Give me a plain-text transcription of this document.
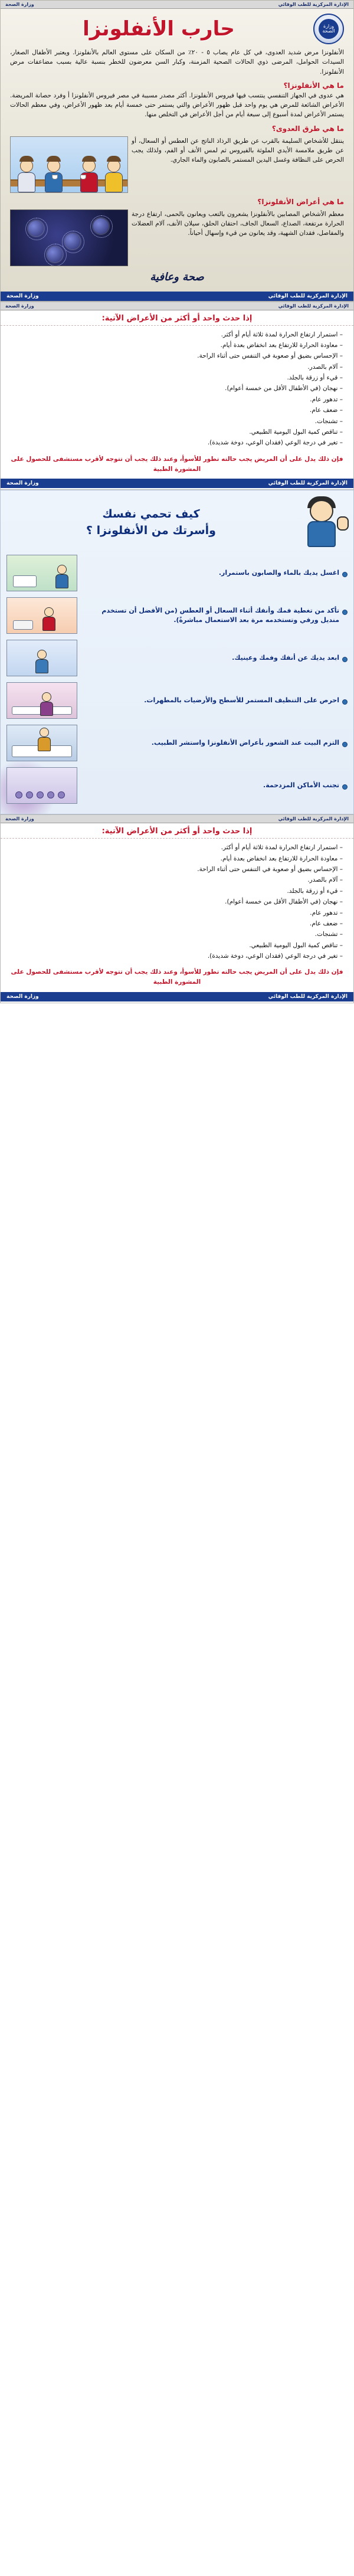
الإدارة المركزية للطب الوقائي
وزارة الصحة
وزارة الصحة
حارب الأنفلونزا
الأنفلونزا مرض شديد العدوى، في كل عام يصاب ٥ - ٢٠٪ من السكان على مستوى العالم بالأنفلونزا. ويعتبر الأطفال الصغار، السيدات الحوامل، المرضى ذوي الحالات الصحية المزمنة، وكبار السن معرضون للخطر بنسبة عالية بسبب مضاعفات مرض الأنفلونزا.
ما هي الأنفلونزا؟
هي عدوى في الجهاز التنفسي ينتسب فيها فيروس الأنفلونزا. أكثر مصدر مسببة في مصر فيروس الأنفلونزا أ وفرد حصانة المريضة. الأعراض الشائعة للمرض هي يوم واحد قبل ظهور الأعراض والتي يستمر حتى خمسة أيام بعد ظهور الأعراض، وفي معظم الحالات يستمر الأعراض لمدة أسبوع إلى سبعة أيام من أجل الأعراض في التخلص منها.
ما هي طرق العدوى؟
ينتقل للأشخاص السليمة بالقرب عن طريق الرذاذ الناتج عن العطس أو السعال، أو عن طريق ملامسة الأيدي الملوثة بالفيروس ثم لمس الأنف أو الفم، ولذلك يجب الحرص على النظافة وغسل اليدين المستمر بالصابون والماء الجاري.
ما هي أعراض الأنفلونزا؟
معظم الأشخاص المصابين بالأنفلونزا يشعرون بالتعب ويعانون بالحمى، ارتفاع درجة الحرارة مرتفعة، الصداع، السعال الجاف، احتقان الحلق، سيلان الأنف، آلام العضلات والمفاصل، فقدان الشهية، وقد يعانون من قيء وإسهال أحياناً.
صحة وعافية
الإدارة المركزية للطب الوقائي
وزارة الصحة
الإدارة المركزية للطب الوقائي
وزارة الصحة
إذا حدث واحد أو أكثر من الأعراض الآتية:
– استمرار ارتفاع الحرارة لمدة ثلاثة أيام أو أكثر.
– معاودة الحرارة للارتفاع بعد انخفاض بعدة أيام.
– الإحساس بضيق أو صعوبة في التنفس حتى أثناء الراحة.
– آلام بالصدر.
– قيء أو زرقة بالجلد.
– نهجان (في الأطفال الأقل من خمسة أعوام).
– تدهور عام.
– ضعف عام.
– تشنجات.
– تناقص كمية البول اليومية الطبيعي.
– تغير في درجة الوعي (فقدان الوعي، دوخة شديدة).
فإن ذلك يدل على أن المريض يجب حالته تطور للأسوأ، وعند ذلك يجب أن تتوجه لأقرب مستشفى للحصول على المشورة الطبية
الإدارة المركزية للطب الوقائي
وزارة الصحة
كيف تحمي نفسك
وأسرتك من الأنفلونزا ؟
اغسل يديك بالماء والصابون باستمرار.
تأكد من تغطية فمك وأنفك أثناء السعال أو العطس (من الأفضل أن تستخدم منديل ورقي وتستخدمه مرة بعد الاستعمال مباشرةً).
ابعد يديك عن أنفك وفمك وعينيك.
احرص على التنظيف المستمر للأسطح والأرضيات بالمطهرات.
التزم البيت عند الشعور بأعراض الأنفلونزا واستشر الطبيب.
تجنب الأماكن المزدحمة.
الإدارة المركزية للطب الوقائي
وزارة الصحة
إذا حدث واحد أو أكثر من الأعراض الآتية:
– استمرار ارتفاع الحرارة لمدة ثلاثة أيام أو أكثر.
– معاودة الحرارة للارتفاع بعد انخفاض بعدة أيام.
– الإحساس بضيق أو صعوبة في التنفس حتى أثناء الراحة.
– آلام بالصدر.
– قيء أو زرقة بالجلد.
– نهجان (في الأطفال الأقل من خمسة أعوام).
– تدهور عام.
– ضعف عام.
– تشنجات.
– تناقص كمية البول اليومية الطبيعي.
– تغير في درجة الوعي (فقدان الوعي، دوخة شديدة).
فإن ذلك يدل على أن المريض يجب حالته تطور للأسوأ، وعند ذلك يجب أن تتوجه لأقرب مستشفى للحصول على المشورة الطبية
الإدارة المركزية للطب الوقائي
وزارة الصحة
